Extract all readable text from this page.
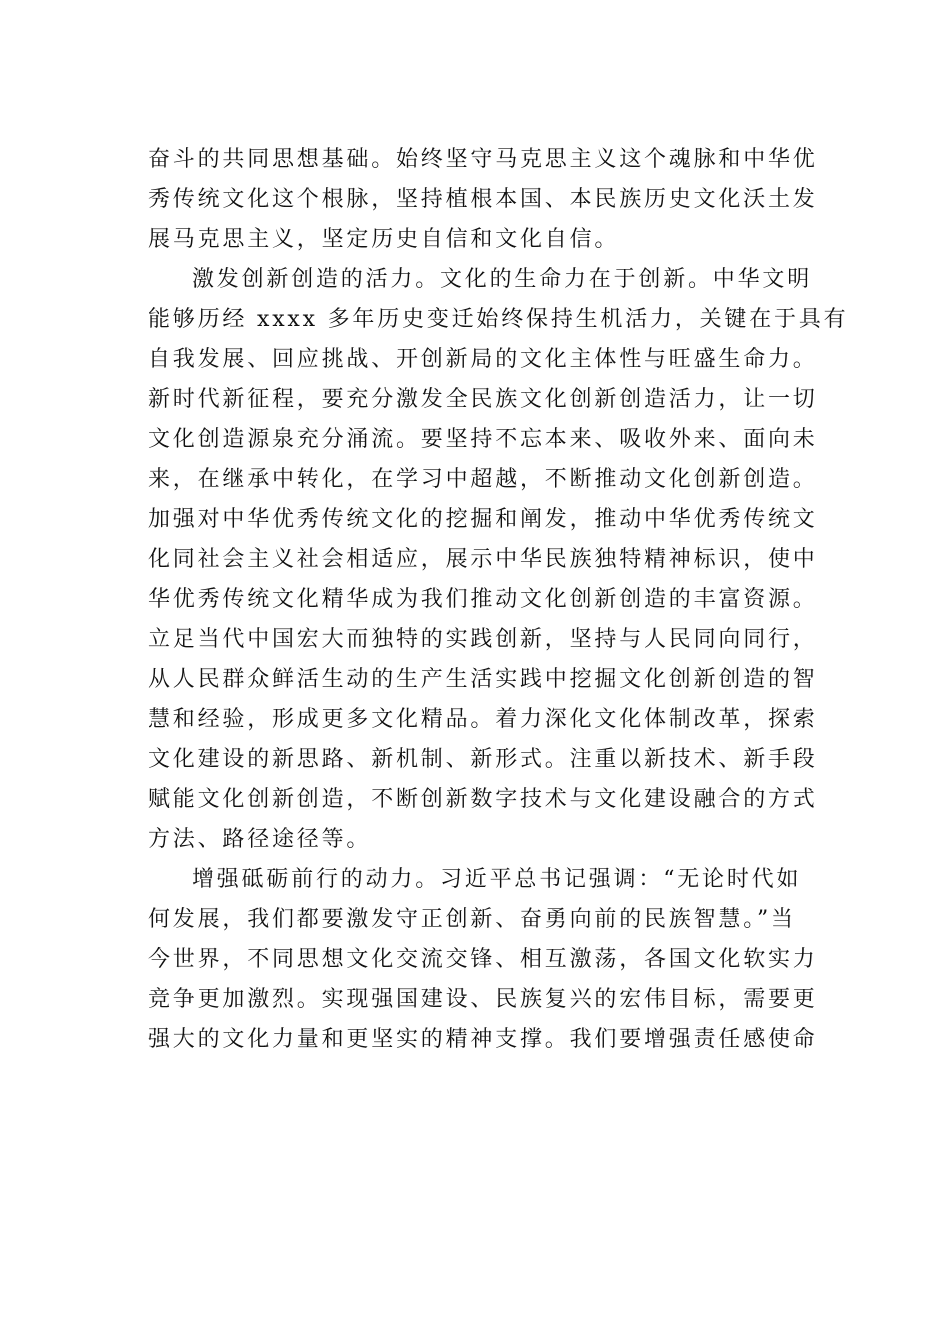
奋斗的共同思想基础。始终坚守马克思主义这个魂脉和中华优
秀传统文化这个根脉，坚持植根本国、本民族历史文化沃土发
展马克思主义，坚定历史自信和文化自信。
激发创新创造的活力。文化的生命力在于创新。中华文明
能够历经 xxxx 多年历史变迁始终保持生机活力，关键在于具有
自我发展、回应挑战、开创新局的文化主体性与旺盛生命力。
新时代新征程，要充分激发全民族文化创新创造活力，让一切
文化创造源泉充分涌流。要坚持不忘本来、吸收外来、面向未
来，在继承中转化，在学习中超越，不断推动文化创新创造。
加强对中华优秀传统文化的挖掘和阐发，推动中华优秀传统文
化同社会主义社会相适应，展示中华民族独特精神标识，使中
华优秀传统文化精华成为我们推动文化创新创造的丰富资源。
立足当代中国宏大而独特的实践创新，坚持与人民同向同行，
从人民群众鲜活生动的生产生活实践中挖掘文化创新创造的智
慧和经验，形成更多文化精品。着力深化文化体制改革，探索
文化建设的新思路、新机制、新形式。注重以新技术、新手段
赋能文化创新创造，不断创新数字技术与文化建设融合的方式
方法、路径途径等。
增强砥砺前行的动力。习近平总书记强调：“无论时代如
何发展，我们都要激发守正创新、奋勇向前的民族智慧。”当
今世界，不同思想文化交流交锋、相互激荡，各国文化软实力
竞争更加激烈。实现强国建设、民族复兴的宏伟目标，需要更
强大的文化力量和更坚实的精神支撑。我们要增强责任感使命
